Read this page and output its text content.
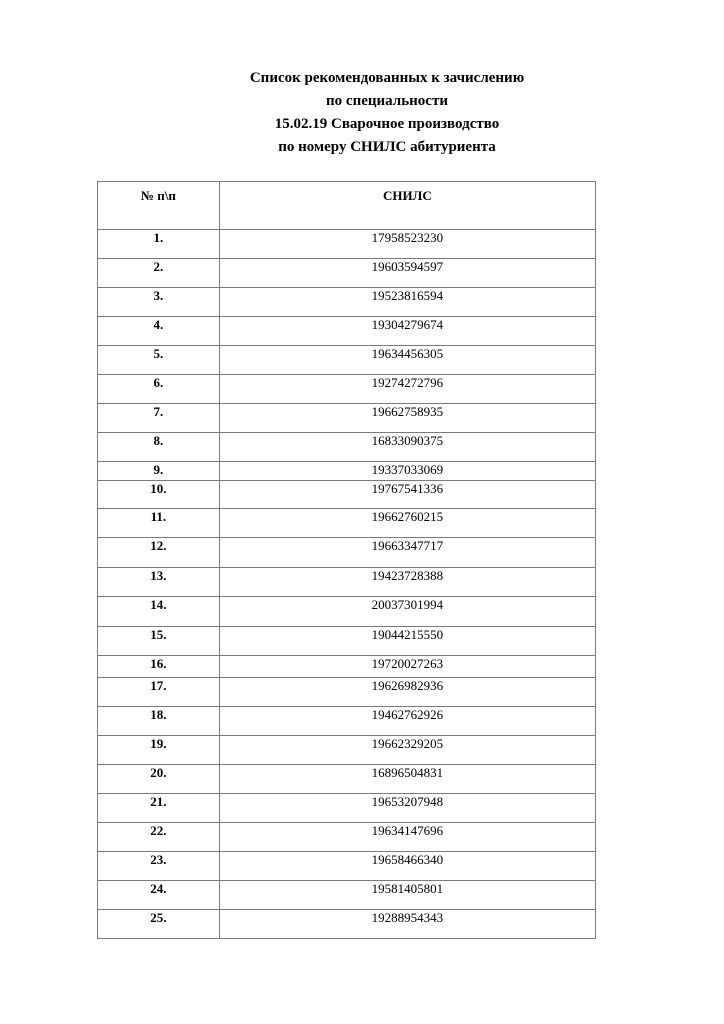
Список рекомендованных к зачислению
по специальности
15.02.19 Сварочное производство
по номеру СНИЛС абитуриента
№ п\п	СНИЛС
1.	17958523230
2.	19603594597
3.	19523816594
4.	19304279674
5.	19634456305
6.	19274272796
7.	19662758935
8.	16833090375
9.	19337033069
10.	19767541336
11.	19662760215
12.	19663347717
13.	19423728388
14.	20037301994
15.	19044215550
16.	19720027263
17.	19626982936
18.	19462762926
19.	19662329205
20.	16896504831
21.	19653207948
22.	19634147696
23.	19658466340
24.	19581405801
25.	19288954343
